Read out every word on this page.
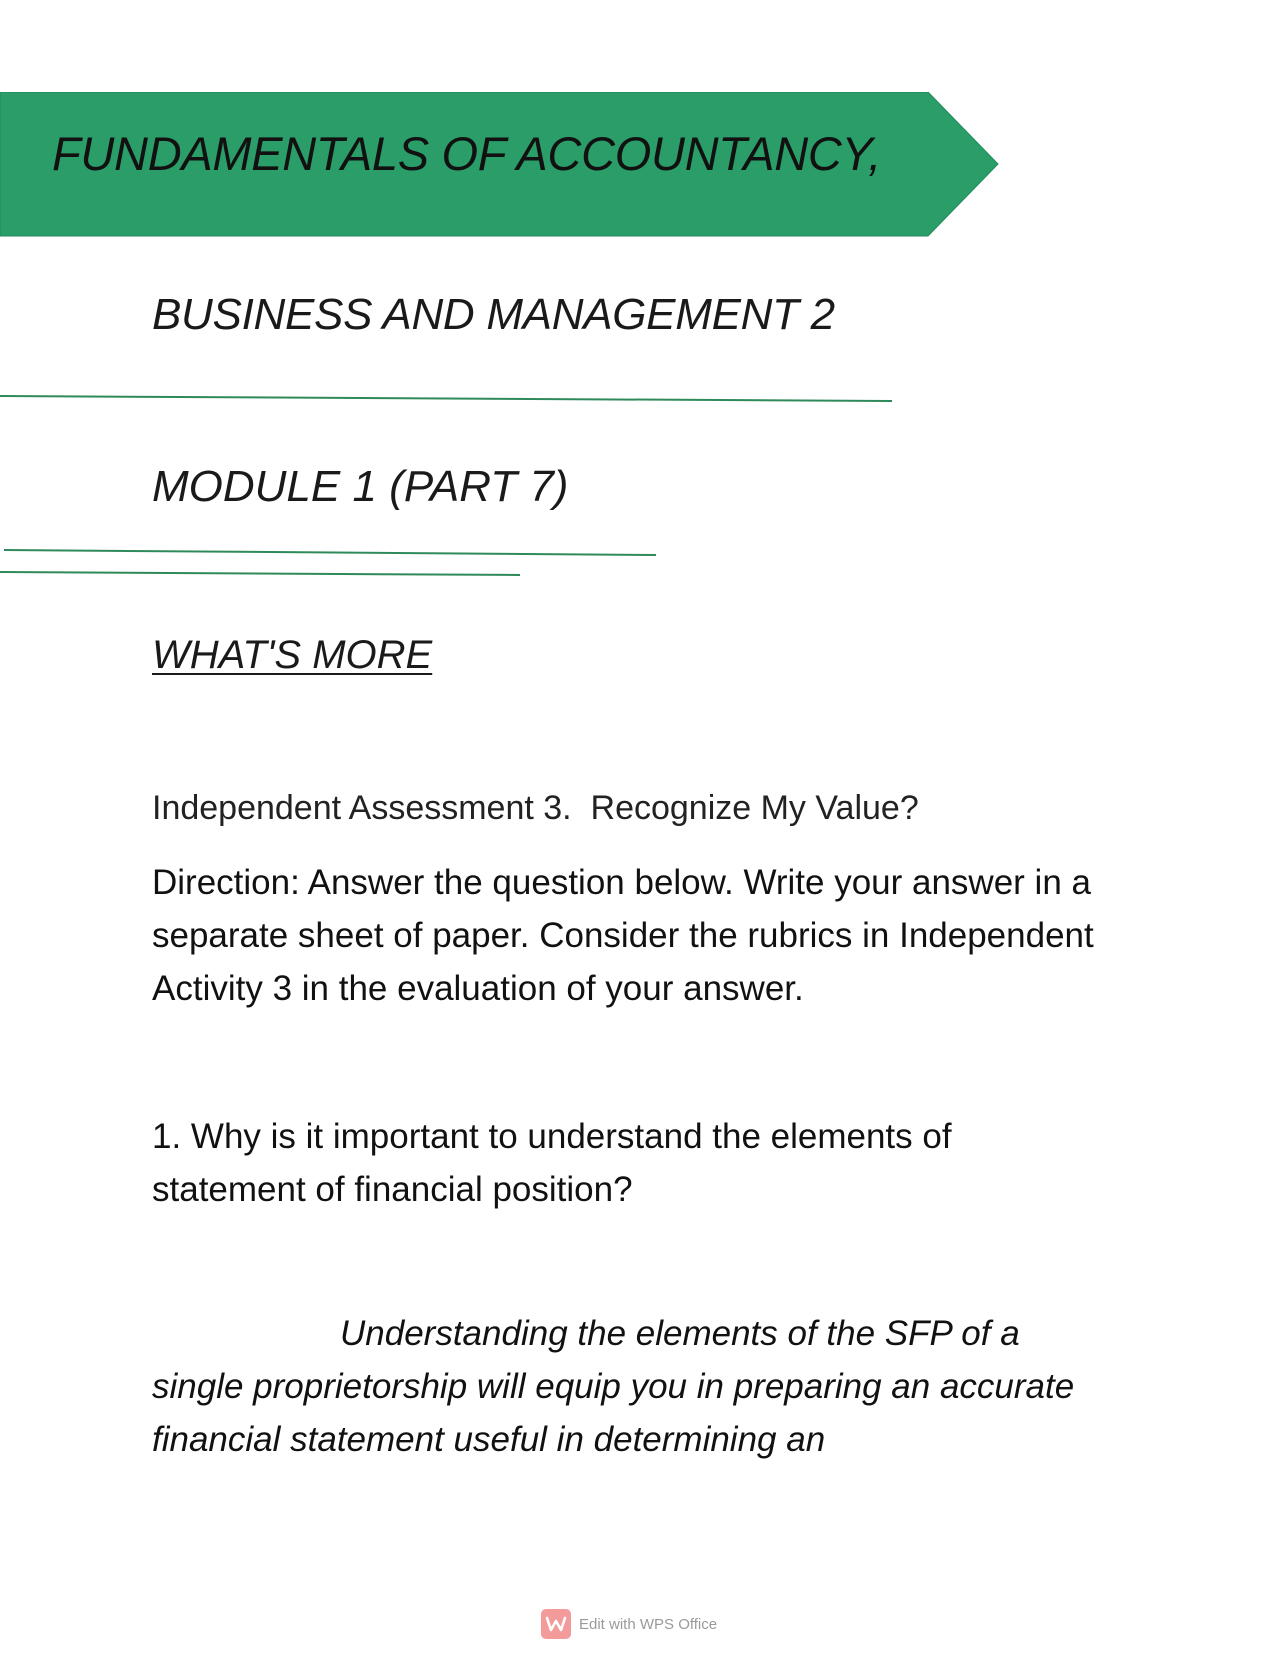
FUNDAMENTALS OF ACCOUNTANCY,
BUSINESS AND MANAGEMENT 2
MODULE 1 (PART 7)
WHAT'S MORE
Independent Assessment 3.  Recognize My Value?

Direction: Answer the question below. Write your answer in a separate sheet of paper. Consider the rubrics in Independent Activity 3 in the evaluation of your answer.

1. Why is it important to understand the elements of statement of financial position?

Understanding the elements of the SFP of a single proprietorship will equip you in preparing an accurate financial statement useful in determining an

Edit with WPS Office
